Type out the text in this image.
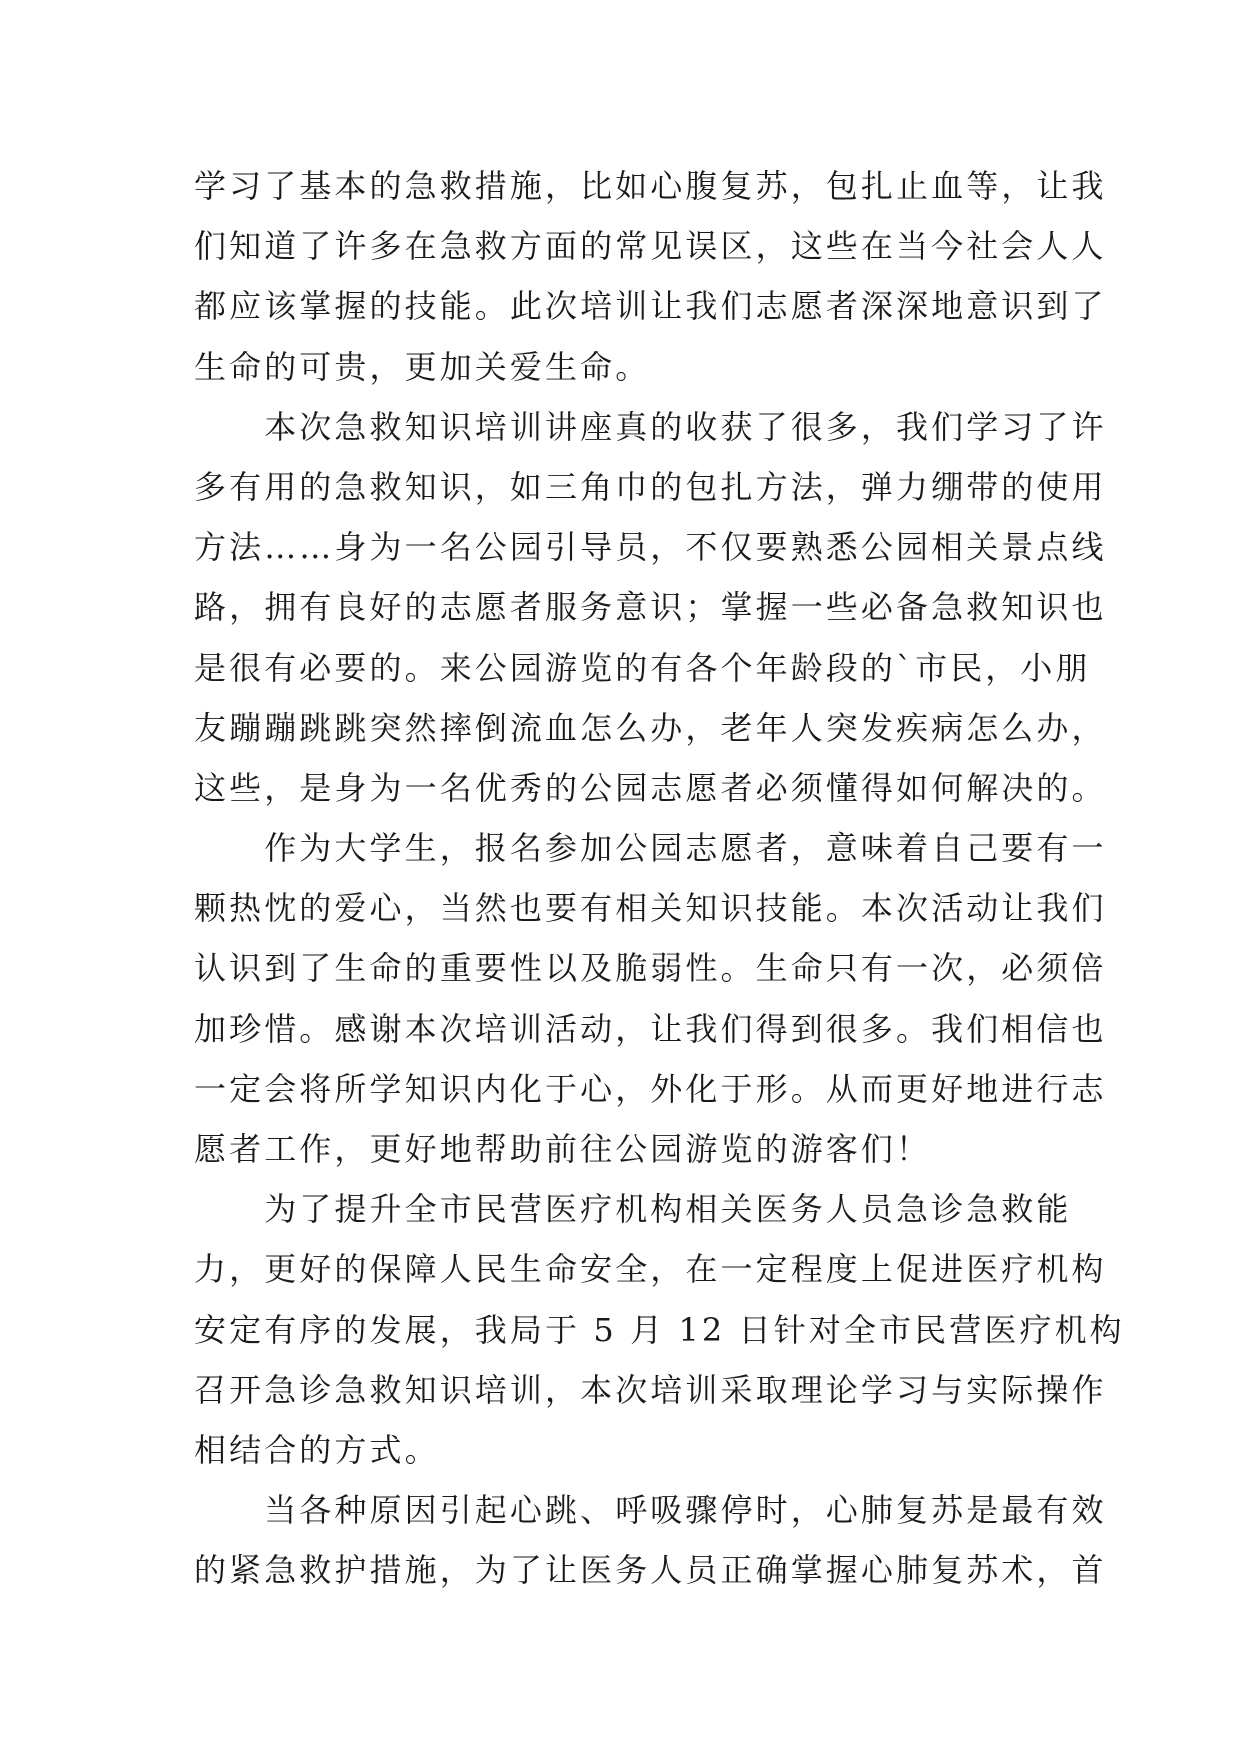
学习了基本的急救措施，比如心腹复苏，包扎止血等，让我
们知道了许多在急救方面的常见误区，这些在当今社会人人
都应该掌握的技能。此次培训让我们志愿者深深地意识到了
生命的可贵，更加关爱生命。
　　本次急救知识培训讲座真的收获了很多，我们学习了许
多有用的急救知识，如三角巾的包扎方法，弹力绷带的使用
方法……身为一名公园引导员，不仅要熟悉公园相关景点线
路，拥有良好的志愿者服务意识；掌握一些必备急救知识也
是很有必要的。来公园游览的有各个年龄段的`市民，小朋
友蹦蹦跳跳突然摔倒流血怎么办，老年人突发疾病怎么办，
这些，是身为一名优秀的公园志愿者必须懂得如何解决的。
　　作为大学生，报名参加公园志愿者，意味着自己要有一
颗热忱的爱心，当然也要有相关知识技能。本次活动让我们
认识到了生命的重要性以及脆弱性。生命只有一次，必须倍
加珍惜。感谢本次培训活动，让我们得到很多。我们相信也
一定会将所学知识内化于心，外化于形。从而更好地进行志
愿者工作，更好地帮助前往公园游览的游客们！
　　为了提升全市民营医疗机构相关医务人员急诊急救能
力，更好的保障人民生命安全，在一定程度上促进医疗机构
安定有序的发展，我局于 5 月 12 日针对全市民营医疗机构
召开急诊急救知识培训，本次培训采取理论学习与实际操作
相结合的方式。
　　当各种原因引起心跳、呼吸骤停时，心肺复苏是最有效
的紧急救护措施，为了让医务人员正确掌握心肺复苏术，首
